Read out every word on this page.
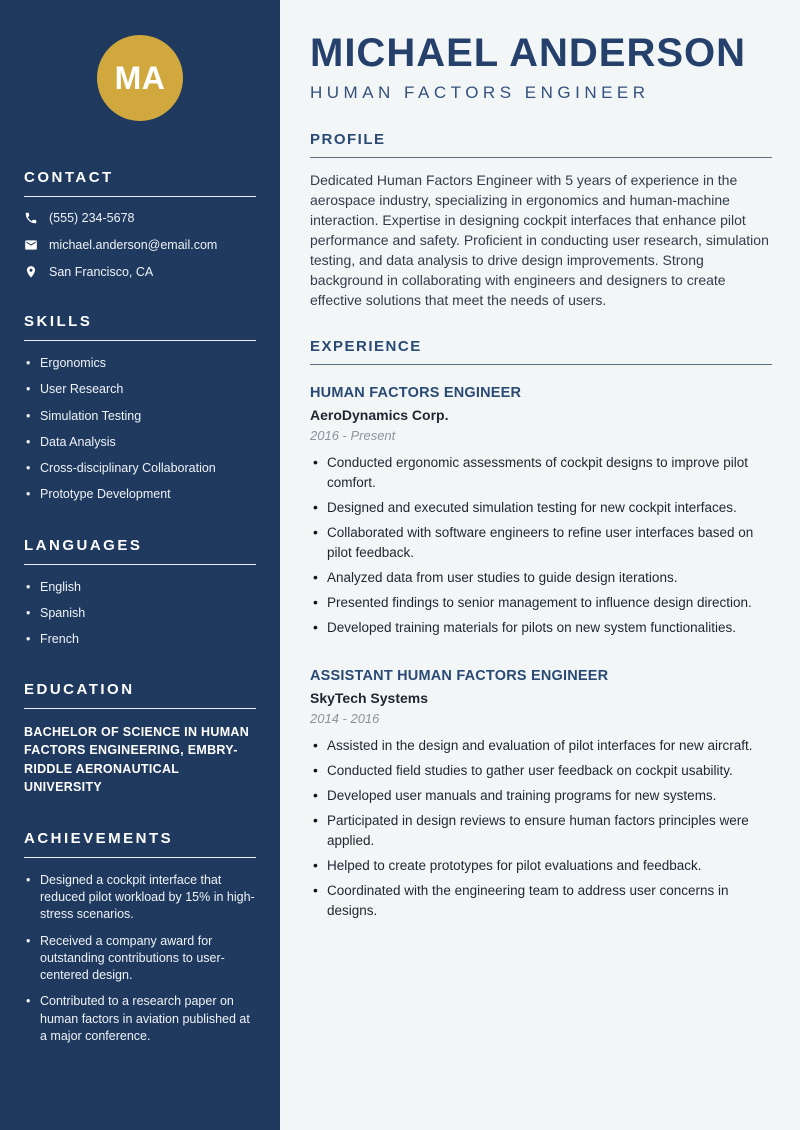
MA
CONTACT
(555) 234-5678
michael.anderson@email.com
San Francisco, CA
SKILLS
• Ergonomics
• User Research
• Simulation Testing
• Data Analysis
• Cross-disciplinary Collaboration
• Prototype Development
LANGUAGES
• English
• Spanish
• French
EDUCATION
BACHELOR OF SCIENCE IN HUMAN FACTORS ENGINEERING, EMBRY-RIDDLE AERONAUTICAL UNIVERSITY
ACHIEVEMENTS
• Designed a cockpit interface that reduced pilot workload by 15% in high-stress scenarios.
• Received a company award for outstanding contributions to user-centered design.
• Contributed to a research paper on human factors in aviation published at a major conference.
MICHAEL ANDERSON
HUMAN FACTORS ENGINEER
PROFILE

Dedicated Human Factors Engineer with 5 years of experience in the aerospace industry, specializing in ergonomics and human-machine interaction. Expertise in designing cockpit interfaces that enhance pilot performance and safety. Proficient in conducting user research, simulation testing, and data analysis to drive design improvements. Strong background in collaborating with engineers and designers to create effective solutions that meet the needs of users.

EXPERIENCE
HUMAN FACTORS ENGINEER
AeroDynamics Corp.
2016 - Present
• Conducted ergonomic assessments of cockpit designs to improve pilot comfort.
• Designed and executed simulation testing for new cockpit interfaces.
• Collaborated with software engineers to refine user interfaces based on pilot feedback.
• Analyzed data from user studies to guide design iterations.
• Presented findings to senior management to influence design direction.
• Developed training materials for pilots on new system functionalities.
ASSISTANT HUMAN FACTORS ENGINEER
SkyTech Systems
2014 - 2016
• Assisted in the design and evaluation of pilot interfaces for new aircraft.
• Conducted field studies to gather user feedback on cockpit usability.
• Developed user manuals and training programs for new systems.
• Participated in design reviews to ensure human factors principles were applied.
• Helped to create prototypes for pilot evaluations and feedback.
• Coordinated with the engineering team to address user concerns in designs.
